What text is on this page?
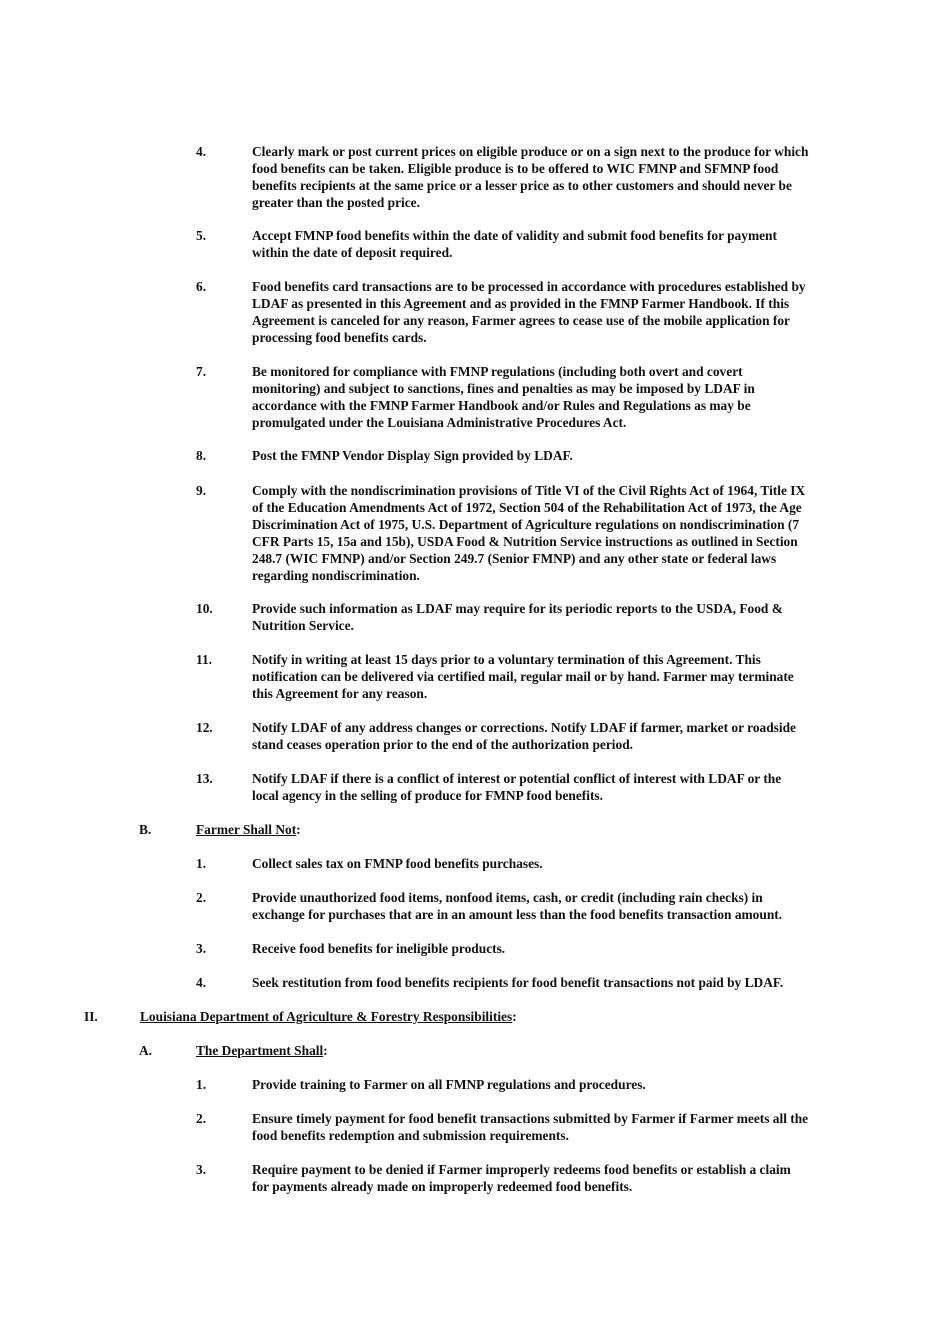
4.	Clearly mark or post current prices on eligible produce or on a sign next to the produce for which
food benefits can be taken. Eligible produce is to be offered to WIC FMNP and SFMNP food
benefits recipients at the same price or a lesser price as to other customers and should never be
greater than the posted price.
5.	Accept FMNP food benefits within the date of validity and submit food benefits for payment
within the date of deposit required.
6.	Food benefits card transactions are to be processed in accordance with procedures established by
LDAF as presented in this Agreement and as provided in the FMNP Farmer Handbook. If this
Agreement is canceled for any reason, Farmer agrees to cease use of the mobile application for
processing food benefits cards.
7.	Be monitored for compliance with FMNP regulations (including both overt and covert
monitoring) and subject to sanctions, fines and penalties as may be imposed by LDAF in
accordance with the FMNP Farmer Handbook and/or Rules and Regulations as may be
promulgated under the Louisiana Administrative Procedures Act.
8.	Post the FMNP Vendor Display Sign provided by LDAF.
9.	Comply with the nondiscrimination provisions of Title VI of the Civil Rights Act of 1964, Title IX
of the Education Amendments Act of 1972, Section 504 of the Rehabilitation Act of 1973, the Age
Discrimination Act of 1975, U.S. Department of Agriculture regulations on nondiscrimination (7
CFR Parts 15, 15a and 15b), USDA Food & Nutrition Service instructions as outlined in Section
248.7 (WIC FMNP) and/or Section 249.7 (Senior FMNP) and any other state or federal laws
regarding nondiscrimination.
10.	Provide such information as LDAF may require for its periodic reports to the USDA, Food &
Nutrition Service.
11.	Notify in writing at least 15 days prior to a voluntary termination of this Agreement. This
notification can be delivered via certified mail, regular mail or by hand. Farmer may terminate
this Agreement for any reason.
12.	Notify LDAF of any address changes or corrections. Notify LDAF if farmer, market or roadside
stand ceases operation prior to the end of the authorization period.
13.	Notify LDAF if there is a conflict of interest or potential conflict of interest with LDAF or the
local agency in the selling of produce for FMNP food benefits.
B.	Farmer Shall Not:
1.	Collect sales tax on FMNP food benefits purchases.
2.	Provide unauthorized food items, nonfood items, cash, or credit (including rain checks) in
exchange for purchases that are in an amount less than the food benefits transaction amount.
3.	Receive food benefits for ineligible products.
4.	Seek restitution from food benefits recipients for food benefit transactions not paid by LDAF.
II.	Louisiana Department of Agriculture & Forestry Responsibilities:
A.	The Department Shall:
1.	Provide training to Farmer on all FMNP regulations and procedures.
2.	Ensure timely payment for food benefit transactions submitted by Farmer if Farmer meets all the
food benefits redemption and submission requirements.
3.	Require payment to be denied if Farmer improperly redeems food benefits or establish a claim
for payments already made on improperly redeemed food benefits.
